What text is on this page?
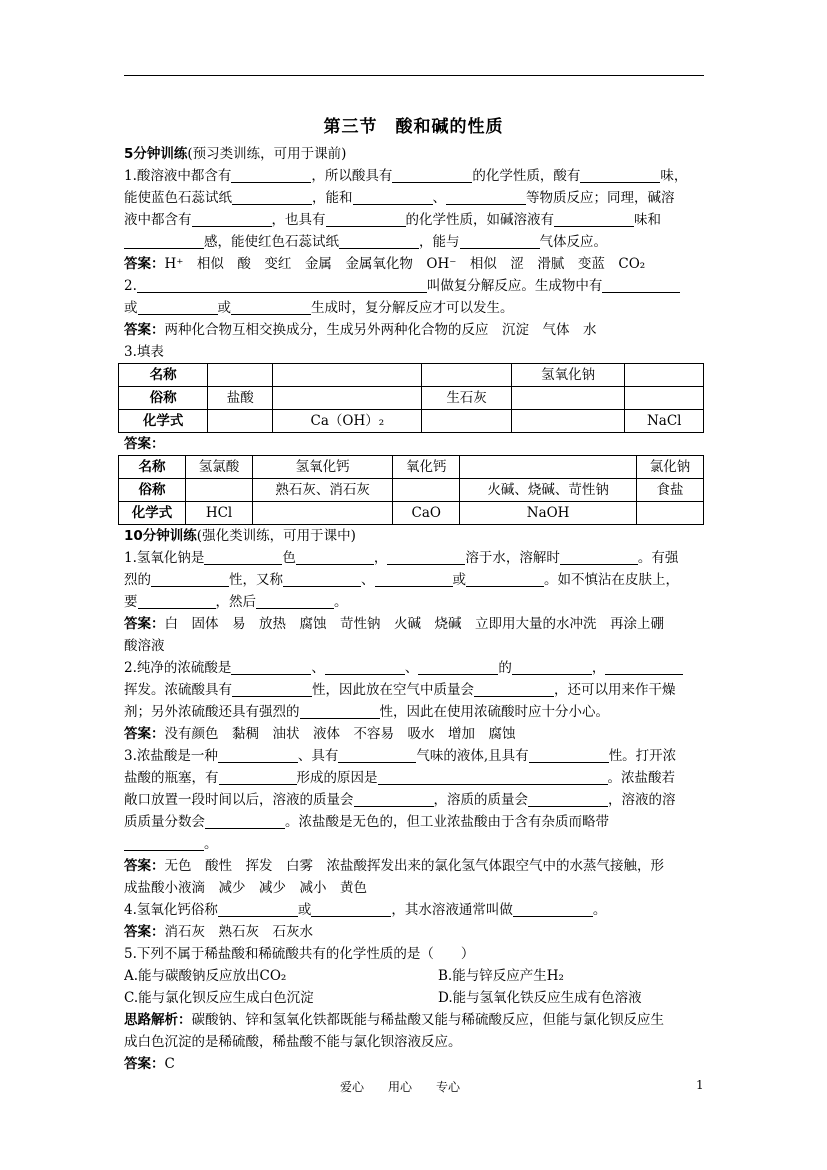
第三节　酸和碱的性质
5分钟训练(预习类训练，可用于课前)
1.酸溶液中都含有	，所以酸具有	的化学性质，酸有	味，
能使蓝色石蕊试纸	，能和	、	等物质反应；同理，碱溶
液中都含有	，也具有	的化学性质，如碱溶液有	味和
感，能使红色石蕊试纸	，能与	气体反应。
答案：H⁺　相似　酸　变红　金属　金属氧化物　OH⁻　相似　涩　滑腻　变蓝　CO₂
2.	叫做复分解反应。生成物中有
或	或	生成时，复分解反应才可以发生。
答案：两种化合物互相交换成分，生成另外两种化合物的反应　沉淀　气体　水
3.填表
名称				氢氧化钠	
俗称	盐酸		生石灰		
化学式		Ca（OH）₂			NaCl
答案：
名称	氢氯酸	氢氧化钙	氧化钙		氯化钠
俗称		熟石灰、消石灰		火碱、烧碱、苛性钠	食盐
化学式	HCl		CaO	NaOH	
10分钟训练(强化类训练，可用于课中)
1.氢氧化钠是	色	，	溶于水，溶解时	。有强
烈的	性，又称	、	或	。如不慎沾在皮肤上，
要	，然后	。
答案：白　固体　易　放热　腐蚀　苛性钠　火碱　烧碱　立即用大量的水冲洗　再涂上硼
酸溶液
2.纯净的浓硫酸是	、	、	的	，
挥发。浓硫酸具有	性，因此放在空气中质量会	，还可以用来作干燥
剂；另外浓硫酸还具有强烈的	性，因此在使用浓硫酸时应十分小心。
答案：没有颜色　黏稠　油状　液体　不容易　吸水　增加　腐蚀
3.浓盐酸是一种	、具有	气味的液体,且具有	性。打开浓
盐酸的瓶塞，有	形成的原因是	。浓盐酸若
敞口放置一段时间以后，溶液的质量会	，溶质的质量会	，溶液的溶
质质量分数会	。浓盐酸是无色的，但工业浓盐酸由于含有杂质而略带
。
答案：无色　酸性　挥发　白雾　浓盐酸挥发出来的氯化氢气体跟空气中的水蒸气接触，形
成盐酸小液滴　减少　减少　减小　黄色
4.氢氧化钙俗称	或	，其水溶液通常叫做	。
答案：消石灰　熟石灰　石灰水
5.下列不属于稀盐酸和稀硫酸共有的化学性质的是（　　）
A.能与碳酸钠反应放出CO₂	B.能与锌反应产生H₂
C.能与氯化钡反应生成白色沉淀	D.能与氢氧化铁反应生成有色溶液
思路解析：碳酸钠、锌和氢氧化铁都既能与稀盐酸又能与稀硫酸反应，但能与氯化钡反应生
成白色沉淀的是稀硫酸，稀盐酸不能与氯化钡溶液反应。
答案：C
爱心　　用心　　专心	1
